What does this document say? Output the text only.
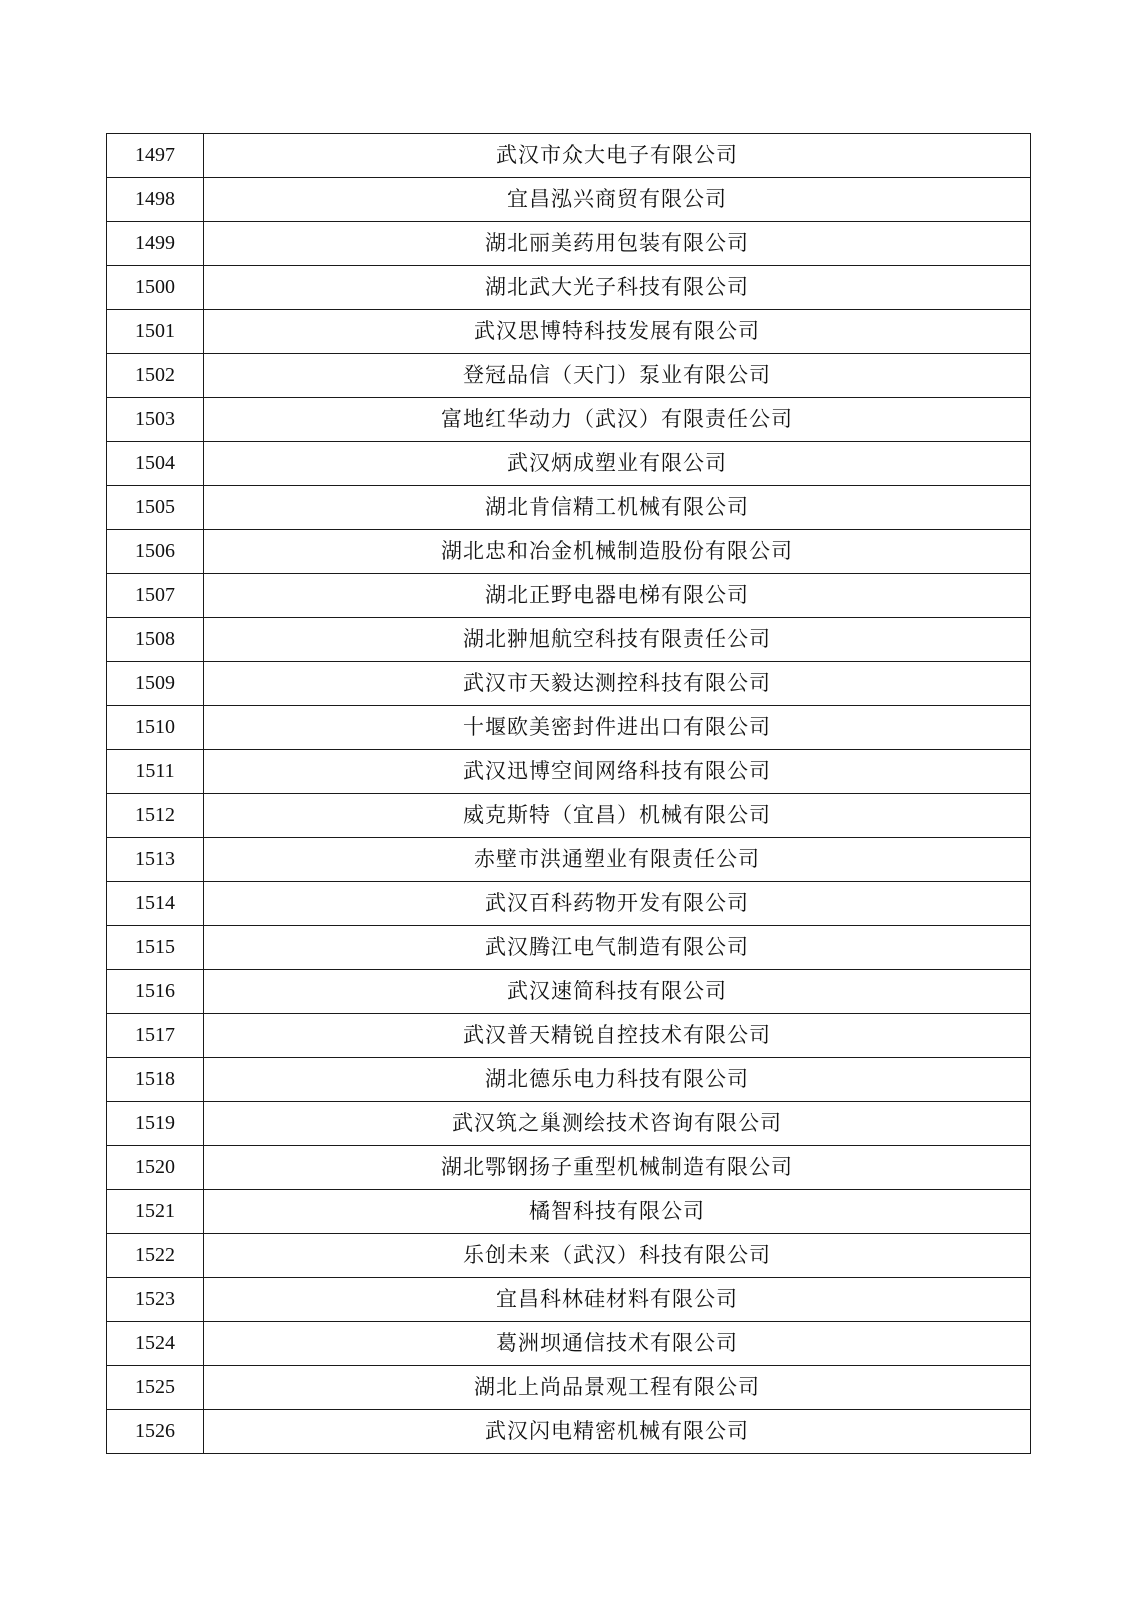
1497	武汉市众大电子有限公司
1498	宜昌泓兴商贸有限公司
1499	湖北丽美药用包装有限公司
1500	湖北武大光子科技有限公司
1501	武汉思博特科技发展有限公司
1502	登冠品信（天门）泵业有限公司
1503	富地红华动力（武汉）有限责任公司
1504	武汉炳成塑业有限公司
1505	湖北肯信精工机械有限公司
1506	湖北忠和冶金机械制造股份有限公司
1507	湖北正野电器电梯有限公司
1508	湖北翀旭航空科技有限责任公司
1509	武汉市天毅达测控科技有限公司
1510	十堰欧美密封件进出口有限公司
1511	武汉迅博空间网络科技有限公司
1512	威克斯特（宜昌）机械有限公司
1513	赤壁市洪通塑业有限责任公司
1514	武汉百科药物开发有限公司
1515	武汉腾江电气制造有限公司
1516	武汉速简科技有限公司
1517	武汉普天精锐自控技术有限公司
1518	湖北德乐电力科技有限公司
1519	武汉筑之巢测绘技术咨询有限公司
1520	湖北鄂钢扬子重型机械制造有限公司
1521	橘智科技有限公司
1522	乐创未来（武汉）科技有限公司
1523	宜昌科林硅材料有限公司
1524	葛洲坝通信技术有限公司
1525	湖北上尚品景观工程有限公司
1526	武汉闪电精密机械有限公司
